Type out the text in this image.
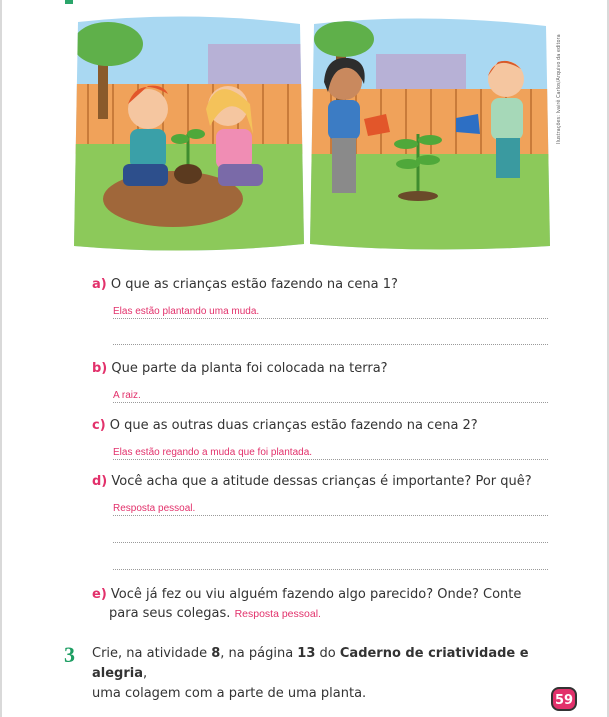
Ilustrações: Ivairê Carlos/Arquivo da editora
a) O que as crianças estão fazendo na cena 1?
Elas estão plantando uma muda.
b) Que parte da planta foi colocada na terra?
A raiz.
c) O que as outras duas crianças estão fazendo na cena 2?
Elas estão regando a muda que foi plantada.
d) Você acha que a atitude dessas crianças é importante? Por quê?
Resposta pessoal.
e) Você já fez ou viu alguém fazendo algo parecido? Onde? Conte
para seus colegas. Resposta pessoal.
3 Crie, na atividade 8, na página 13 do Caderno de criatividade e alegria,
uma colagem com a parte de uma planta.	59
